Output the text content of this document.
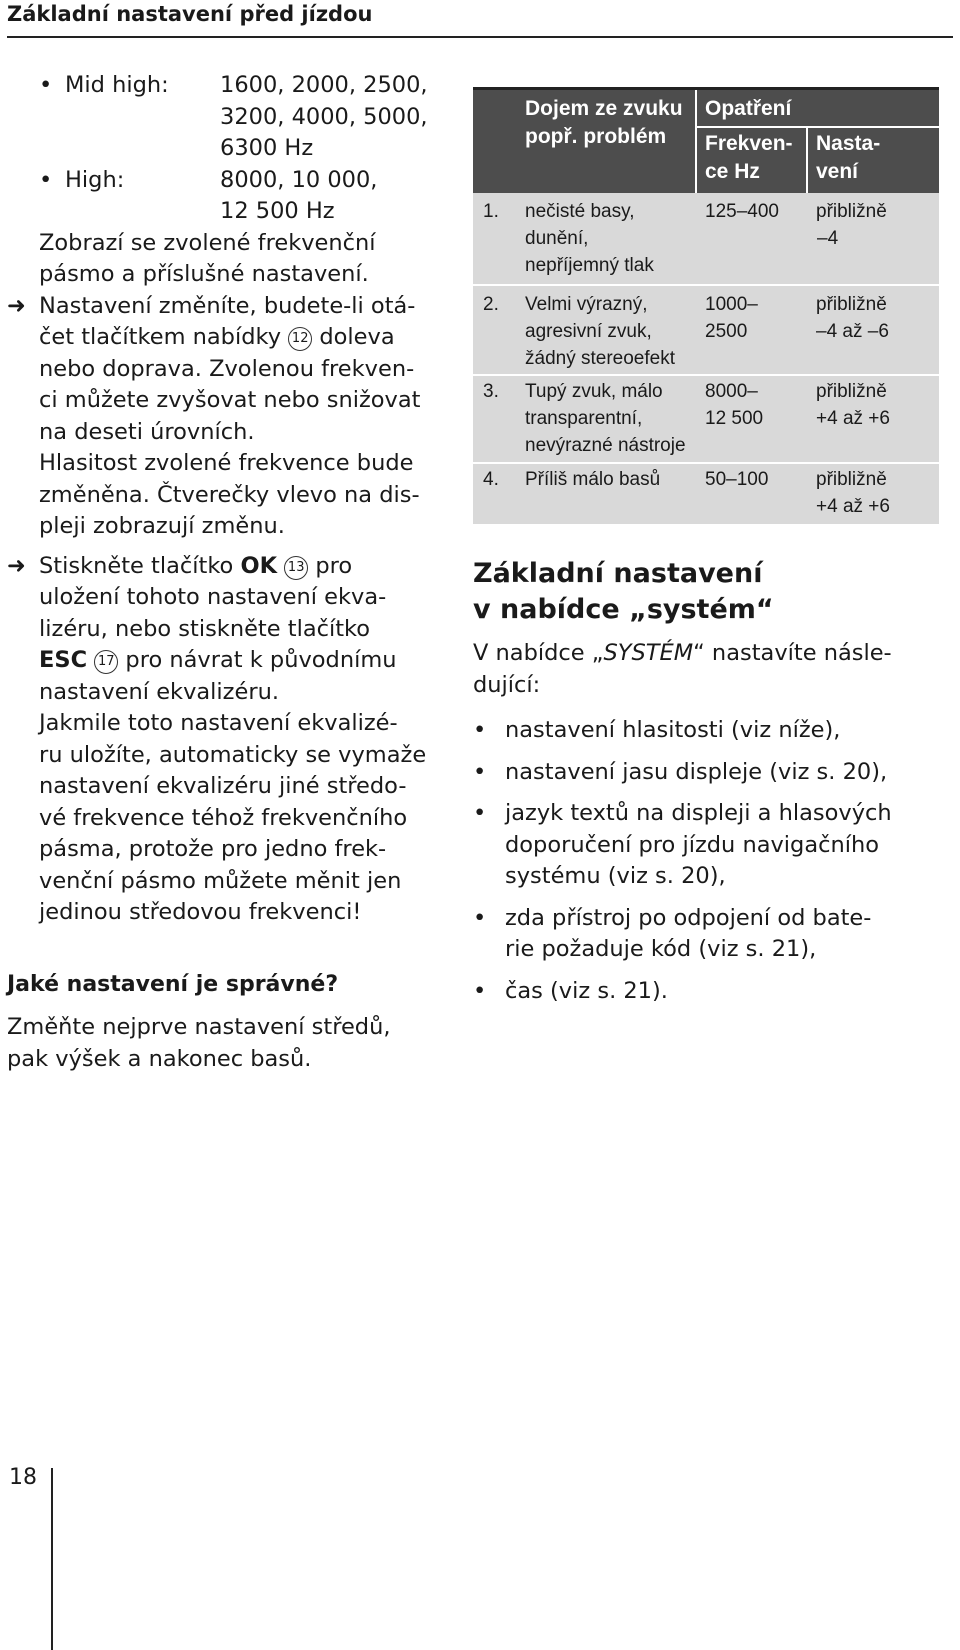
Základní nastavení před jízdou

• Mid high: 1600, 2000, 2500,
3200, 4000, 5000,
6300 Hz

• High:	8000, 10 000,
12 500 Hz

Zobrazí se zvolené frekvenční
pásmo a příslušné nastavení.

➜ Nastavení změníte, budete-li otá-
čet tlačítkem nabídky 12 doleva
nebo doprava. Zvolenou frekven-
ci můžete zvyšovat nebo snižovat
na deseti úrovních.

Hlasitost zvolené frekvence bude
změněna. Čtverečky vlevo na dis-
pleji zobrazují změnu.

➜ Stiskněte tlačítko OK 13 pro
uložení tohoto nastavení ekva-
lizéru, nebo stiskněte tlačítko
ESC 17 pro návrat k původnímu
nastavení ekvalizéru.

Jakmile toto nastavení ekvalizé-
ru uložíte, automaticky se vymaže
nastavení ekvalizéru jiné středo-
vé frekvence téhož frekvenčního
pásma, protože pro jedno frek-
venční pásmo můžete měnit jen
jedinou středovou frekvenci!

Jaké nastavení je správné?

Změňte nejprve nastavení středů,
pak výšek a nakonec basů.

Dojem ze zvuku
popř. problém
Opatření
Frekven-
ce Hz
Nasta-
vení
1. nečisté basy,
dunění,
nepříjemný tlak
125–400 přibližně
–4
2. Velmi výrazný,
agresivní zvuk,
žádný stereoefekt
1000–
2500
přibližně
–4 až –6
3. Tupý zvuk, málo
transparentní,
nevýrazné nástroje
8000–
12 500
přibližně
+4 až +6
4. Příliš málo basů 50–100	přibližně
+4 až +6

Základní nastavení
v nabídce „systém“

V nabídce „SYSTÉM“ nastavíte násle-
dující:

• nastavení hlasitosti (viz níže),

• nastavení jasu displeje (viz s. 20),

• jazyk textů na displeji a hlasových
doporučení pro jízdu navigačního
systému (viz s. 20),

• zda přístroj po odpojení od bate-
rie požaduje kód (viz s. 21),

• čas (viz s. 21).

18
